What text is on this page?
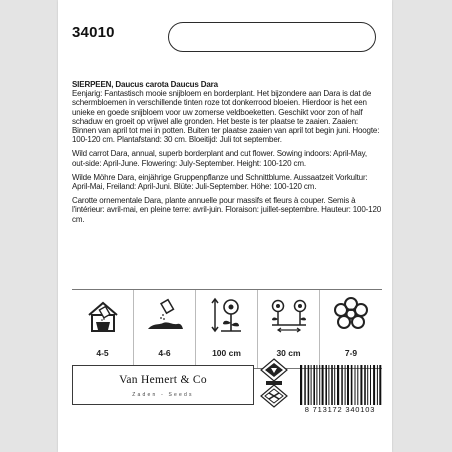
34010
SIERPEEN, Daucus carota Daucus Dara
Eenjarig: Fantastisch mooie snijbloem en borderplant. Het bijzondere aan Dara is dat de schermbloemen in verschillende tinten roze tot donkerrood bloeien. Hierdoor is het een unieke en goede snijbloem voor uw zomerse veldboeketten. Geschikt voor zon of half schaduw en groeit op vrijwel alle gronden. Het beste is ter plaatse te zaaien. Zaaien: Binnen van april tot mei in potten. Buiten ter plaatse zaaien van april tot begin juni. Hoogte: 100-120 cm. Plantafstand: 30 cm. Bloeitijd: Juli tot september.
Wild carrot Dara, annual, superb borderplant and cut flower. Sowing indoors: April-May, out-side: April-June. Flowering: July-September. Height: 100-120 cm.
Wilde Möhre Dara, einjährige Gruppenpflanze und Schnittblume. Aussaatzeit Vorkultur: April-Mai, Freiland: April-Juni. Blüte: Juli-September. Höhe: 100-120 cm.
Carotte ornementale Dara, plante annuelle pour massifs et fleurs à couper. Semis à l'intérieur: avril-mai, en pleine terre: avril-juin. Floraison: juillet-septembre. Hauteur: 100-120 cm.
4-5	4-6	100 cm	30 cm	7-9
Van Hemert & Co
Zaden - Seeds
8 713172 340103
